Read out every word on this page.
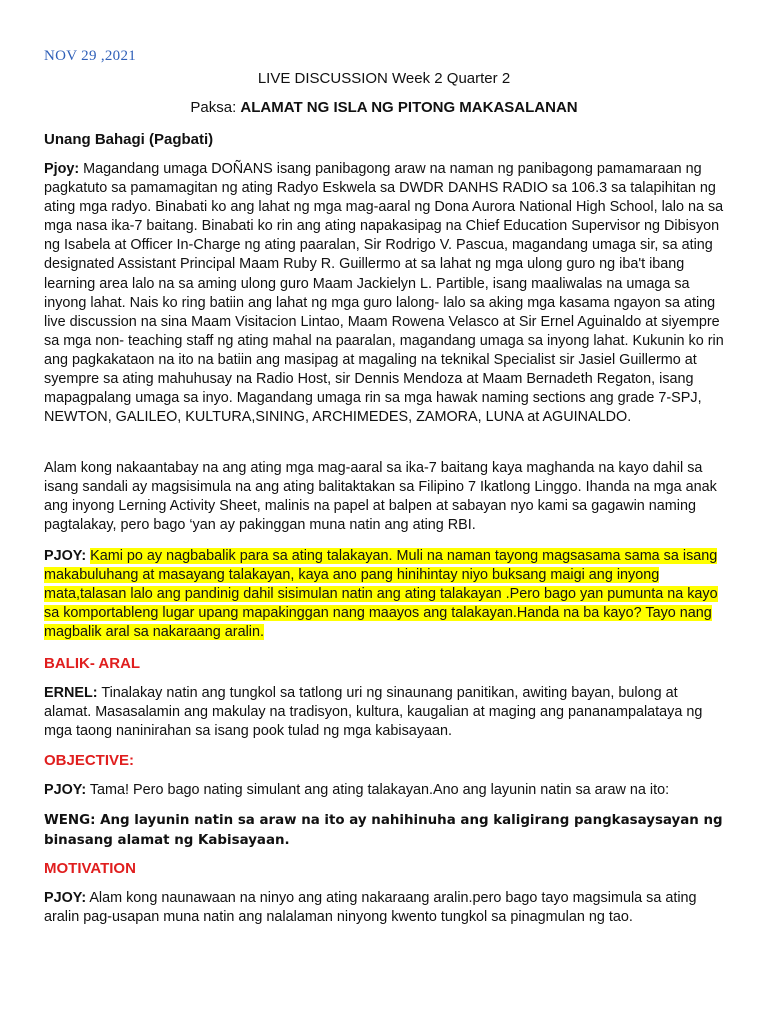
NOV 29 ,2021
LIVE DISCUSSION Week 2 Quarter 2
Paksa: ALAMAT NG ISLA NG PITONG MAKASALANAN
Unang Bahagi (Pagbati)
Pjoy: Magandang umaga DOÑANS isang panibagong araw na naman ng panibagong pamamaraan ng pagkatuto sa pamamagitan ng ating Radyo Eskwela sa DWDR DANHS RADIO sa 106.3 sa talapihitan ng ating mga radyo. Binabati ko ang lahat ng mga mag-aaral ng Dona Aurora National High School, lalo na sa mga nasa ika-7 baitang. Binabati ko rin ang ating napakasipag na Chief Education Supervisor ng Dibisyon ng Isabela at Officer In-Charge ng ating paaralan, Sir Rodrigo V. Pascua, magandang umaga sir, sa ating designated Assistant Principal Maam Ruby R. Guillermo at sa lahat ng mga ulong guro ng iba't ibang learning area lalo na sa aming ulong guro Maam Jackielyn L. Partible, isang maaliwalas na umaga sa inyong lahat. Nais ko ring batiin ang lahat ng mga guro lalong- lalo sa aking mga kasama ngayon sa ating live discussion na sina Maam Visitacion Lintao, Maam Rowena Velasco at Sir Ernel Aguinaldo at siyempre sa mga non- teaching staff ng ating mahal na paaralan, magandang umaga sa inyong lahat. Kukunin ko rin ang pagkakataon na ito na batiin ang masipag at magaling na teknikal Specialist sir Jasiel Guillermo at syempre sa ating mahuhusay na Radio Host, sir Dennis Mendoza at Maam Bernadeth Regaton, isang mapagpalang umaga sa inyo. Magandang umaga rin sa mga hawak naming sections ang grade 7-SPJ, NEWTON, GALILEO, KULTURA,SINING, ARCHIMEDES, ZAMORA, LUNA at AGUINALDO.
Alam kong nakaantabay na ang ating mga mag-aaral sa ika-7 baitang kaya maghanda na kayo dahil sa isang sandali ay magsisimula na ang ating balitaktakan sa Filipino 7 Ikatlong Linggo. Ihanda na mga anak ang inyong Lerning Activity Sheet, malinis na papel at balpen at sabayan nyo kami sa gagawin naming pagtalakay, pero bago ‘yan ay pakinggan muna natin ang ating RBI.
PJOY: Kami po ay nagbabalik para sa ating talakayan. Muli na naman tayong magsasama sama sa isang makabuluhang at masayang talakayan, kaya ano pang hinihintay niyo buksang maigi ang inyong mata,talasan lalo ang pandinig dahil sisimulan natin ang ating talakayan .Pero bago yan pumunta na kayo sa komportableng lugar upang mapakinggan nang maayos ang talakayan.Handa na ba kayo? Tayo nang magbalik aral sa nakaraang aralin.
BALIK- ARAL
ERNEL: Tinalakay natin ang tungkol sa tatlong uri ng sinaunang panitikan, awiting bayan, bulong at alamat. Masasalamin ang makulay na tradisyon, kultura, kaugalian at maging ang pananampalataya ng mga taong naninirahan sa isang pook tulad ng mga kabisayaan.
OBJECTIVE:
PJOY: Tama! Pero bago nating simulant ang ating talakayan.Ano ang layunin natin sa araw na ito:
WENG: Ang layunin natin sa araw na ito ay nahihinuha ang kaligirang pangkasaysayan ng binasang alamat ng Kabisayaan.
MOTIVATION
PJOY: Alam kong naunawaan na ninyo ang ating nakaraang aralin.pero bago tayo magsimula sa ating aralin pag-usapan muna natin ang nalalaman ninyong kwento tungkol sa pinagmulan ng tao.
